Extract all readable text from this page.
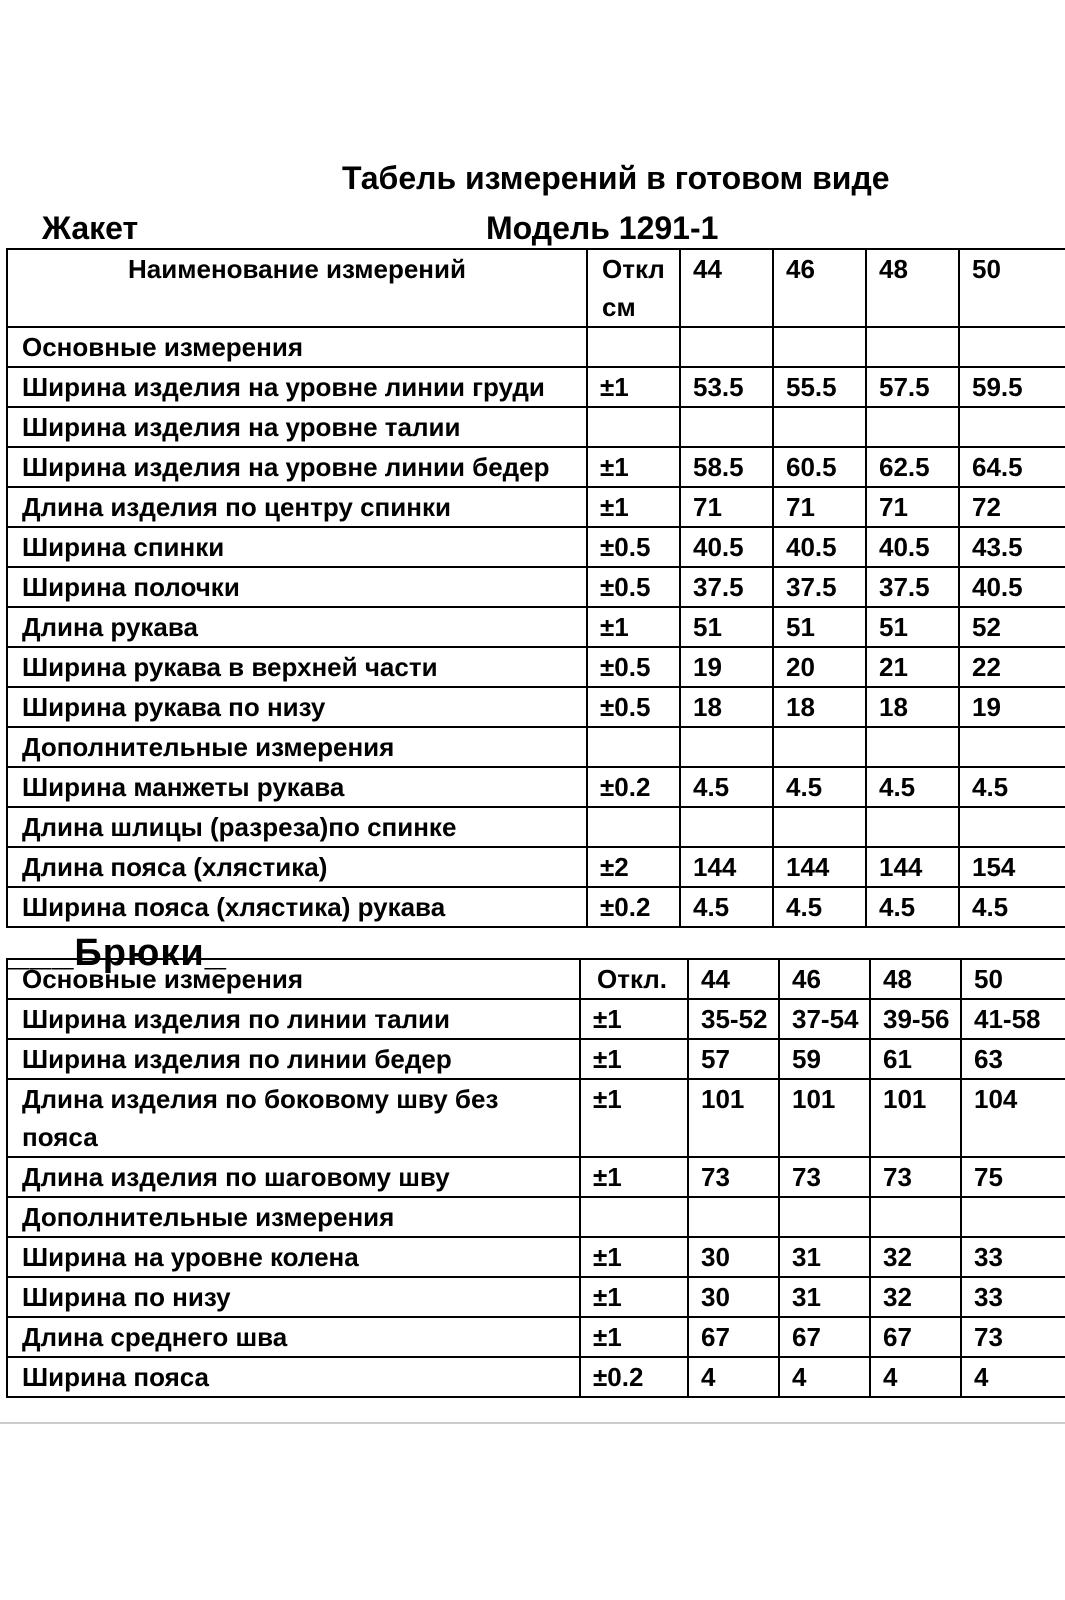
Табель измерений в готовом виде
Жакет	Модель 1291-1
Наименование измерений	Откл см	44	46	48	50
Основные измерения					
Ширина изделия на уровне линии груди	±1	53.5	55.5	57.5	59.5
Ширина изделия на уровне талии					
Ширина изделия на уровне линии бедер	±1	58.5	60.5	62.5	64.5
Длина изделия по центру спинки	±1	71	71	71	72
Ширина спинки	±0.5	40.5	40.5	40.5	43.5
Ширина полочки	±0.5	37.5	37.5	37.5	40.5
Длина рукава	±1	51	51	51	52
Ширина рукава в верхней части	±0.5	19	20	21	22
Ширина рукава по низу	±0.5	18	18	18	19
Дополнительные измерения					
Ширина манжеты рукава	±0.2	4.5	4.5	4.5	4.5
Длина шлицы (разреза)по спинке					
Длина пояса (хлястика)	±2	144	144	144	154
Ширина пояса (хлястика) рукава	±0.2	4.5	4.5	4.5	4.5
___Брюки_
Основные измерения	Откл.	44	46	48	50
Ширина изделия по линии талии	±1	35-52	37-54	39-56	41-58
Ширина изделия по линии бедер	±1	57	59	61	63
Длина изделия по боковому шву без пояса	±1	101	101	101	104
Длина изделия по шаговому шву	±1	73	73	73	75
Дополнительные измерения					
Ширина на уровне колена	±1	30	31	32	33
Ширина по низу	±1	30	31	32	33
Длина среднего шва	±1	67	67	67	73
Ширина пояса	±0.2	4	4	4	4
